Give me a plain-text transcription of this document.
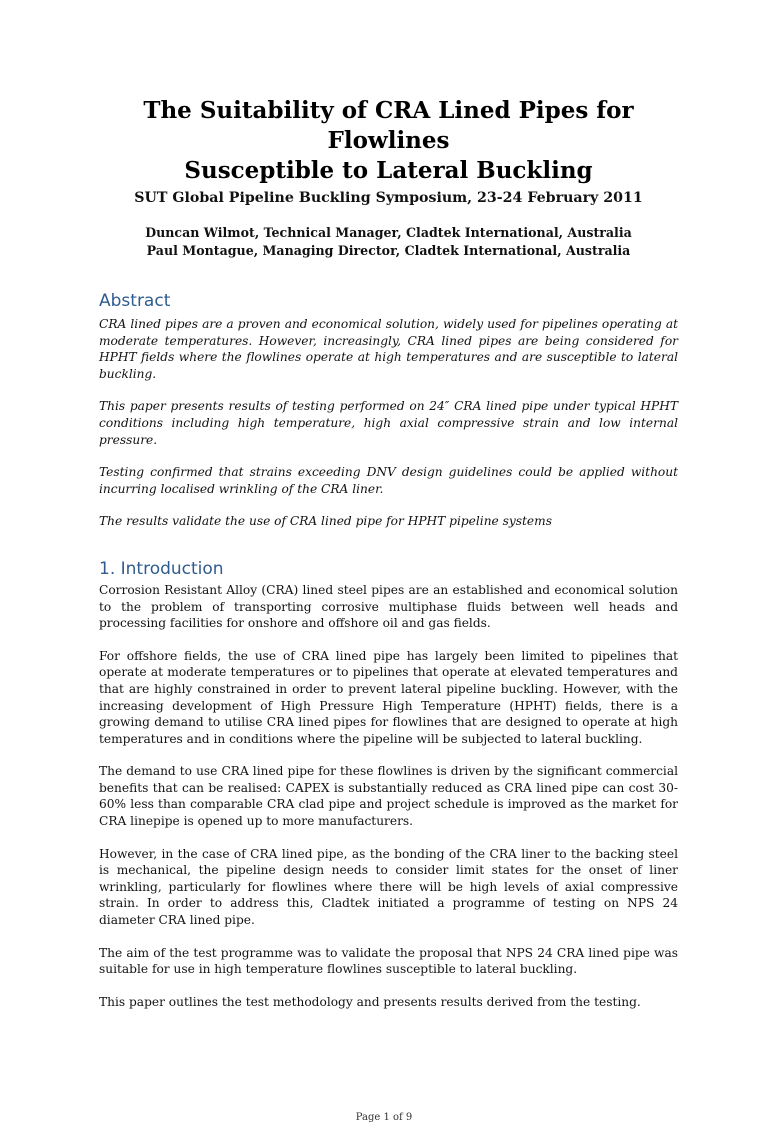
The Suitability of CRA Lined Pipes for Flowlines
Susceptible to Lateral Buckling
SUT Global Pipeline Buckling Symposium, 23-24 February 2011
Duncan Wilmot, Technical Manager, Cladtek International, Australia
Paul Montague, Managing Director, Cladtek International, Australia
Abstract

CRA lined pipes are a proven and economical solution, widely used for pipelines operating at moderate temperatures. However, increasingly, CRA lined pipes are being considered for HPHT fields where the flowlines operate at high temperatures and are susceptible to lateral buckling.

This paper presents results of testing performed on 24″ CRA lined pipe under typical HPHT conditions including high temperature, high axial compressive strain and low internal pressure.

Testing confirmed that strains exceeding DNV design guidelines could be applied without incurring localised wrinkling of the CRA liner.

The results validate the use of CRA lined pipe for HPHT pipeline systems

1. Introduction

Corrosion Resistant Alloy (CRA) lined steel pipes are an established and economical solution to the problem of transporting corrosive multiphase fluids between well heads and processing facilities for onshore and offshore oil and gas fields.

For offshore fields, the use of CRA lined pipe has largely been limited to pipelines that operate at moderate temperatures or to pipelines that operate at elevated temperatures and that are highly constrained in order to prevent lateral pipeline buckling. However, with the increasing development of High Pressure High Temperature (HPHT) fields, there is a growing demand to utilise CRA lined pipes for flowlines that are designed to operate at high temperatures and in conditions where the pipeline will be subjected to lateral buckling.

The demand to use CRA lined pipe for these flowlines is driven by the significant commercial benefits that can be realised: CAPEX is substantially reduced as CRA lined pipe can cost 30-60% less than comparable CRA clad pipe and project schedule is improved as the market for CRA linepipe is opened up to more manufacturers.

However, in the case of CRA lined pipe, as the bonding of the CRA liner to the backing steel is mechanical, the pipeline design needs to consider limit states for the onset of liner wrinkling, particularly for flowlines where there will be high levels of axial compressive strain. In order to address this, Cladtek initiated a programme of testing on NPS 24 diameter CRA lined pipe.

The aim of the test programme was to validate the proposal that NPS 24 CRA lined pipe was suitable for use in high temperature flowlines susceptible to lateral buckling.

This paper outlines the test methodology and presents results derived from the testing.

Page 1 of 9
